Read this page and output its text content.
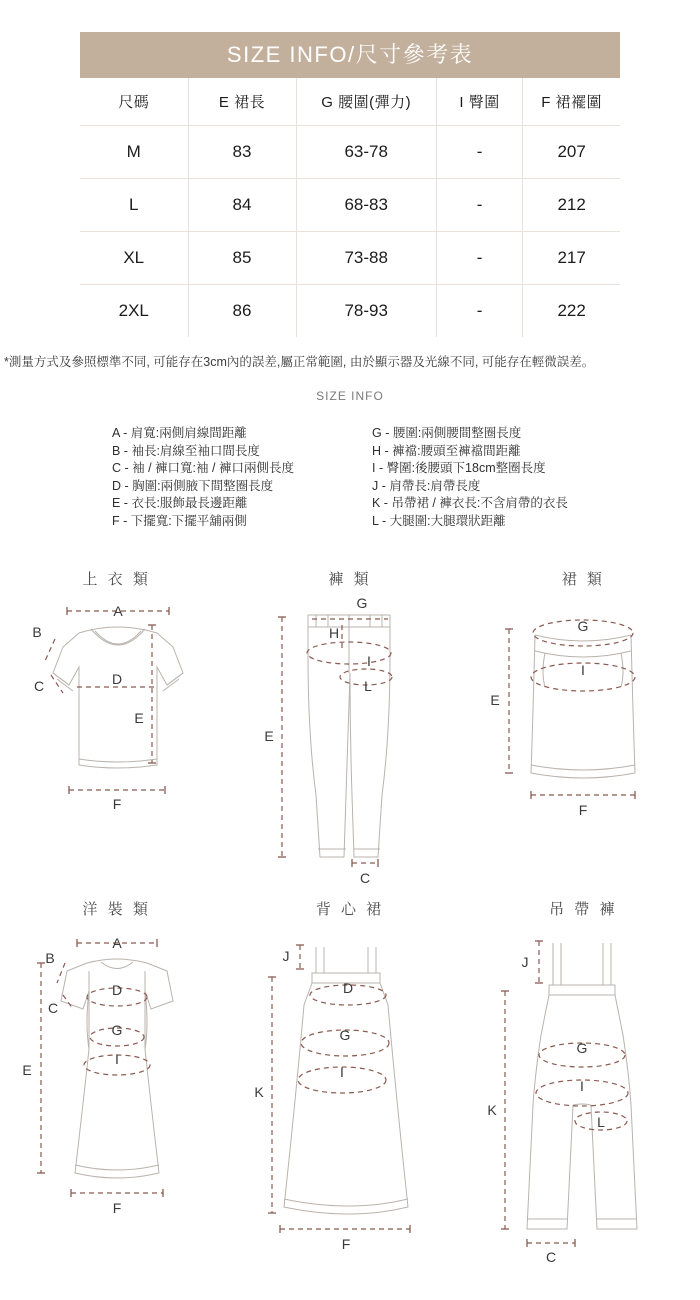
SIZE INFO/尺寸參考表
尺碼	E 裙長	G 腰圍(彈力)	I 臀圍	F 裙襬圍
M	83	63-78	-	207
L	84	68-83	-	212
XL	85	73-88	-	217
2XL	86	78-93	-	222
*測量方式及參照標準不同, 可能存在3cm內的誤差,屬正常範圍, 由於顯示器及光線不同, 可能存在輕微誤差。
SIZE INFO
A - 肩寬:兩側肩線間距離
B - 袖長:肩線至袖口間長度
C - 袖 / 褲口寬:袖 / 褲口兩側長度
D - 胸圍:兩側腋下間整圈長度
E - 衣長:服飾最長邊距離
F - 下擺寬:下擺平舖兩側
G - 腰圍:兩側腰間整圈長度
H - 褲襠:腰頭至褲襠間距離
I - 臀圍:後腰頭下18cm整圈長度
J - 肩帶長:肩帶長度
K - 吊帶裙 / 褲衣長:不含肩帶的衣長
L - 大腿圍:大腿環狀距離
上 衣 類
A
B
C	D
E
F
褲 類
G
H
I
L
E
C
裙 類
G
I
E
F
洋 裝 類
A
B
C
D
G
I
E
F
背 心 裙
J
D
G
I
K
F
吊 帶 褲
J
G
I
L
K
C
